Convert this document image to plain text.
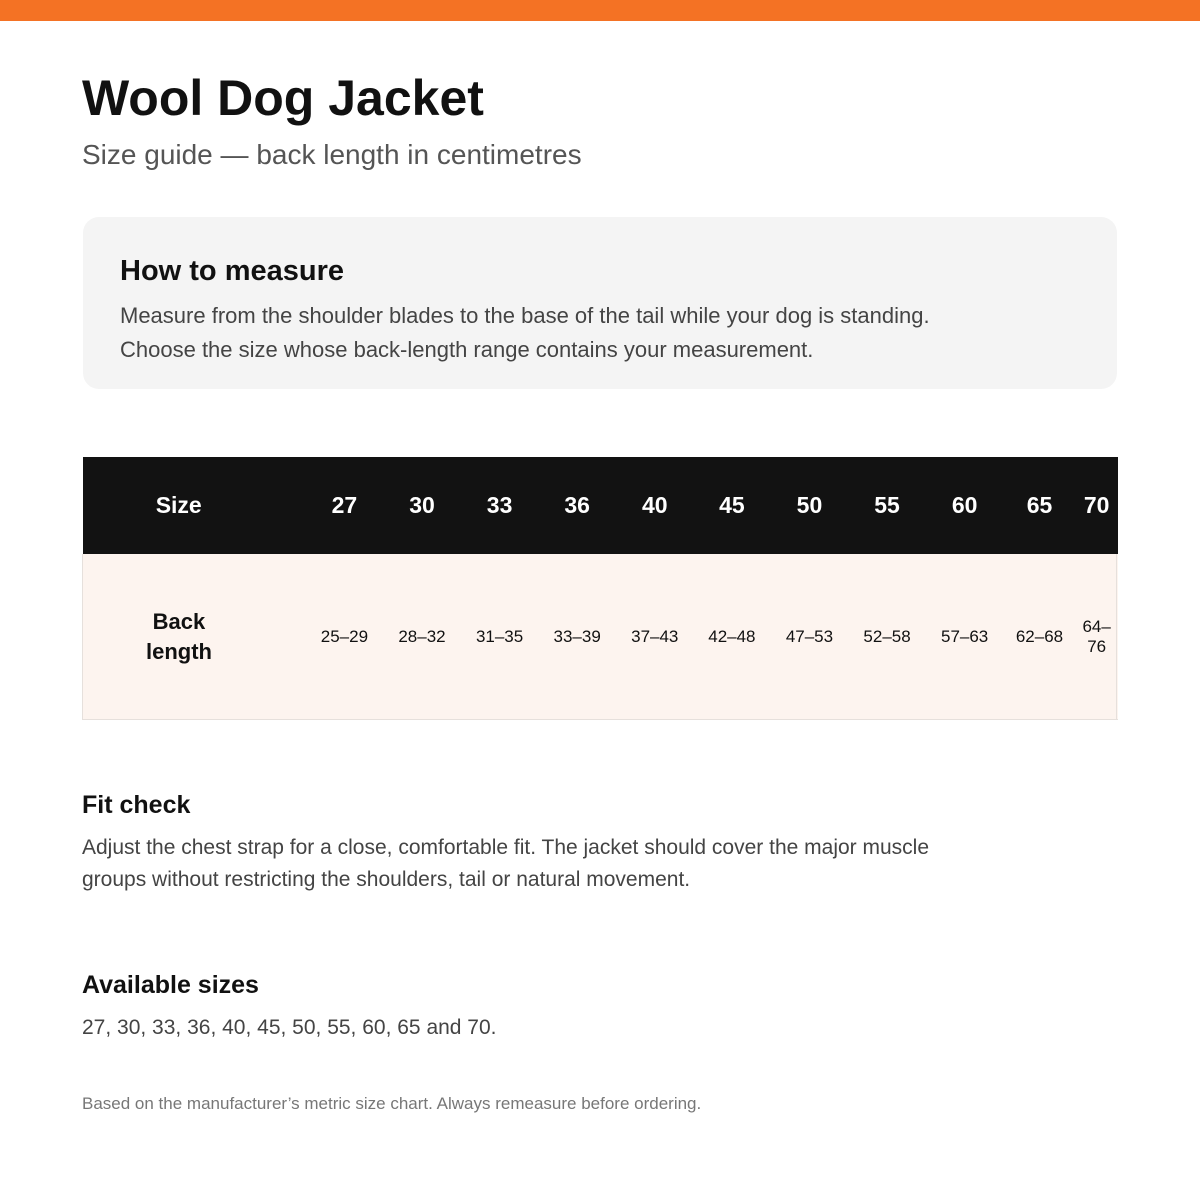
Wool Dog Jacket

Size guide — back length in centimetres

How to measure

Measure from the shoulder blades to the base of the tail while your dog is standing.

Choose the size whose back-length range contains your measurement.

Size		27	30	33	36	40	45	50	55	60	65	70
Back
length		25–29	28–32	31–35	33–39	37–43	42–48	47–53	52–58	57–63	62–68	64–76
Fit check

Adjust the chest strap for a close, comfortable fit. The jacket should cover the major muscle groups without restricting the shoulders, tail or natural movement.

Available sizes

27, 30, 33, 36, 40, 45, 50, 55, 60, 65 and 70.

Based on the manufacturer’s metric size chart. Always remeasure before ordering.
